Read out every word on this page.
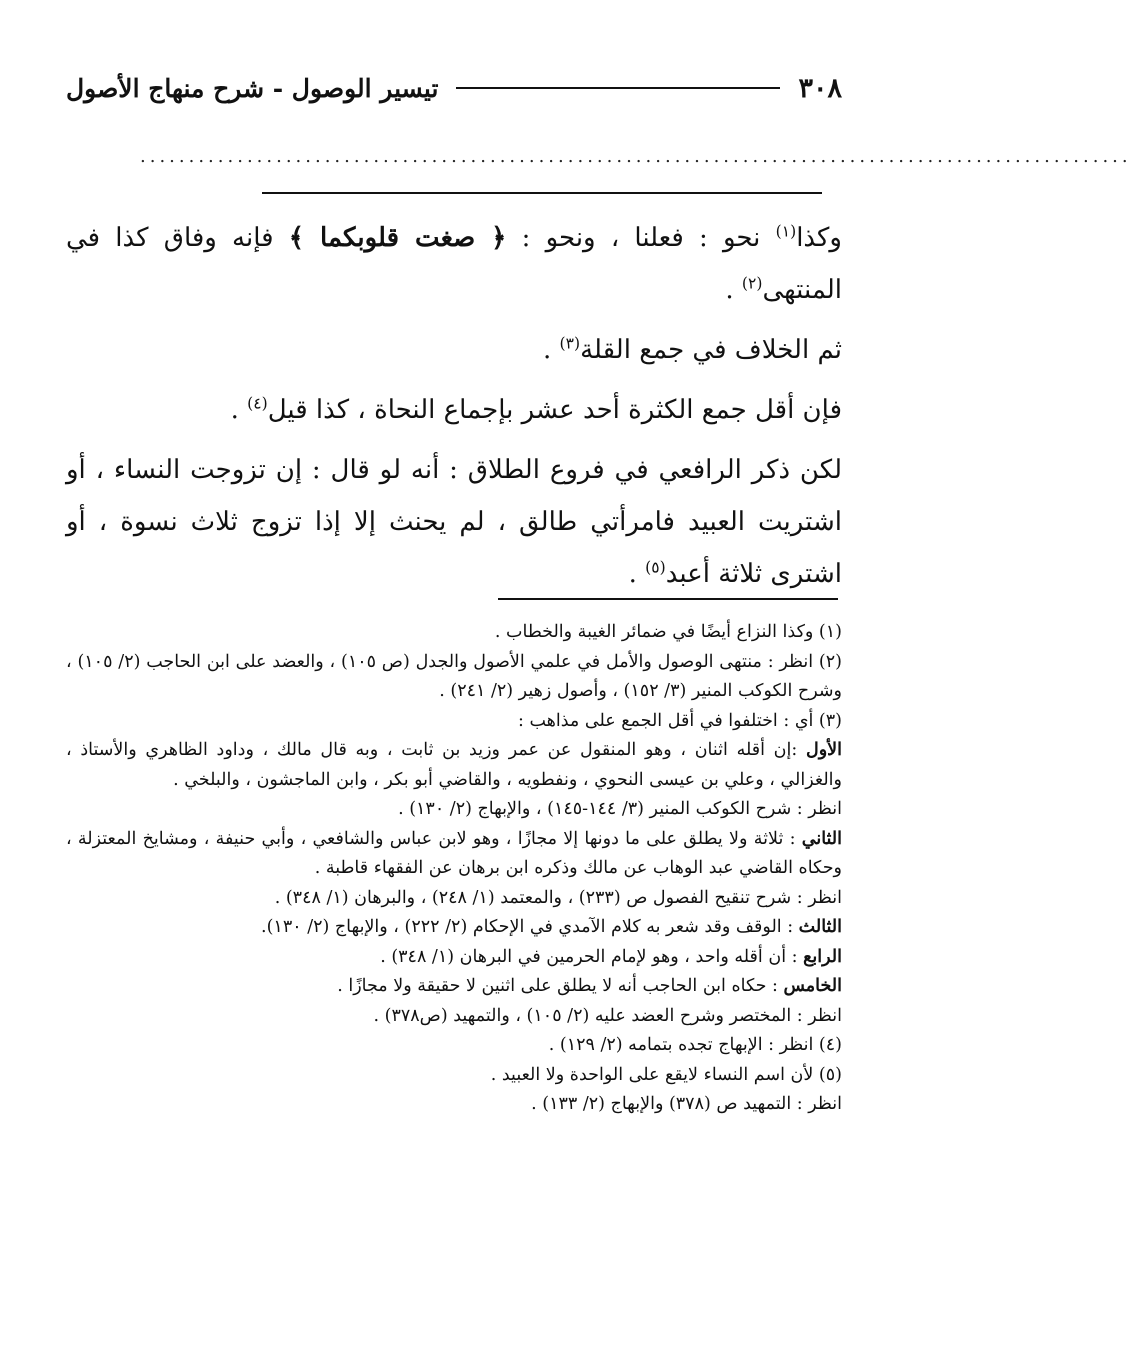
٣٠٨
تيسير الوصول - شرح منهاج الأصول
......................................................................................................

وكذا$^{(١)}$ نحو : فعلنا ، ونحو : ﴿ صغت قلوبكما ﴾ فإنه وفاق كذا في المنتهى$^{(٢)}$ .

ثم الخلاف في جمع القلة$^{(٣)}$ .

فإن أقل جمع الكثرة أحد عشر بإجماع النحاة ، كذا قيل$^{(٤)}$ .

لكن ذكر الرافعي في فروع الطلاق : أنه لو قال : إن تزوجت النساء ، أو اشتريت العبيد فامرأتي طالق ، لم يحنث إلا إذا تزوج ثلاث نسوة ، أو اشترى ثلاثة أعبد$^{(٥)}$ .

(١) وكذا النزاع أيضًا في ضمائر الغيبة والخطاب .

(٢) انظر : منتهى الوصول والأمل في علمي الأصول والجدل (ص ١٠٥) ، والعضد على ابن الحاجب (٢/ ١٠٥) ، وشرح الكوكب المنير (٣/ ١٥٢) ، وأصول زهير (٢/ ٢٤١) .

(٣) أي : اختلفوا في أقل الجمع على مذاهب :

الأول :إن أقله اثنان ، وهو المنقول عن عمر وزيد بن ثابت ، وبه قال مالك ، وداود الظاهري والأستاذ ، والغزالي ، وعلي بن عيسى النحوي ، ونفطويه ، والقاضي أبو بكر ، وابن الماجشون ، والبلخي .

انظر : شرح الكوكب المنير (٣/ ١٤٤-١٤٥) ، والإبهاج (٢/ ١٣٠) .

الثاني : ثلاثة ولا يطلق على ما دونها إلا مجازًا ، وهو لابن عباس والشافعي ، وأبي حنيفة ، ومشايخ المعتزلة ، وحكاه القاضي عبد الوهاب عن مالك وذكره ابن برهان عن الفقهاء قاطبة .

انظر : شرح تنقيح الفصول ص (٢٣٣) ، والمعتمد (١/ ٢٤٨) ، والبرهان (١/ ٣٤٨) .

الثالث : الوقف وقد شعر به كلام الآمدي في الإحكام (٢/ ٢٢٢) ، والإبهاج (٢/ ١٣٠).

الرابع : أن أقله واحد ، وهو لإمام الحرمين في البرهان (١/ ٣٤٨) .

الخامس : حكاه ابن الحاجب أنه لا يطلق على اثنين لا حقيقة ولا مجازًا .

انظر : المختصر وشرح العضد عليه (٢/ ١٠٥) ، والتمهيد (ص٣٧٨) .

(٤) انظر : الإبهاج تجده بتمامه (٢/ ١٢٩) .

(٥) لأن اسم النساء لايقع على الواحدة ولا العبيد .

انظر : التمهيد ص (٣٧٨) والإبهاج (٢/ ١٣٣) .
